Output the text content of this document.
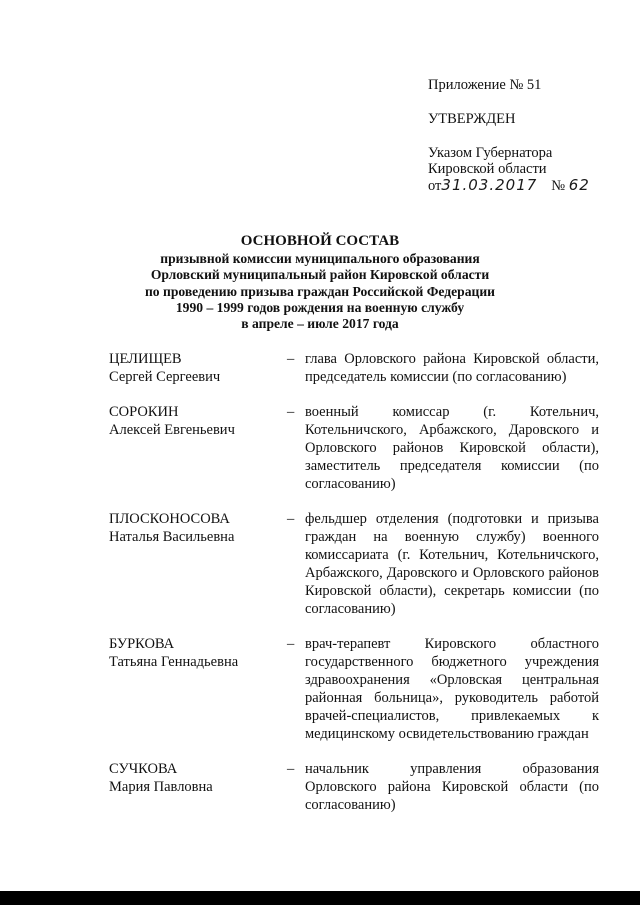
Приложение № 51
УТВЕРЖДЕН
Указом Губернатора
Кировской области
от31.03.2017 № 62
ОСНОВНОЙ СОСТАВ
призывной комиссии муниципального образования
Орловский муниципальный район Кировской области
по проведению призыва граждан Российской Федерации
1990 – 1999 годов рождения на военную службу
в апреле – июле 2017 года
ЦЕЛИЩЕВ
Сергей Сергеевич
– глава Орловского района Кировской области, председатель комиссии (по согласованию)
СОРОКИН
Алексей Евгеньевич
– военный комиссар (г. Котельнич, Котельничского, Арбажского, Даровского и Орловского районов Кировской области), заместитель председателя комиссии (по согласованию)
ПЛОСКОНОСОВА
Наталья Васильевна
– фельдшер отделения (подготовки и призыва граждан на военную службу) военного комиссариата (г. Котельнич, Котельничского, Арбажского, Даровского и Орловского районов Кировской области), секретарь комиссии (по согласованию)
БУРКОВА
Татьяна Геннадьевна
– врач-терапевт Кировского областного государственного бюджетного учреждения здравоохранения «Орловская центральная районная больница», руководитель работой врачей-специалистов, привлекаемых к медицинскому освидетельствованию граждан
СУЧКОВА
Мария Павловна
– начальник управления образования Орловского района Кировской области (по согласованию)
